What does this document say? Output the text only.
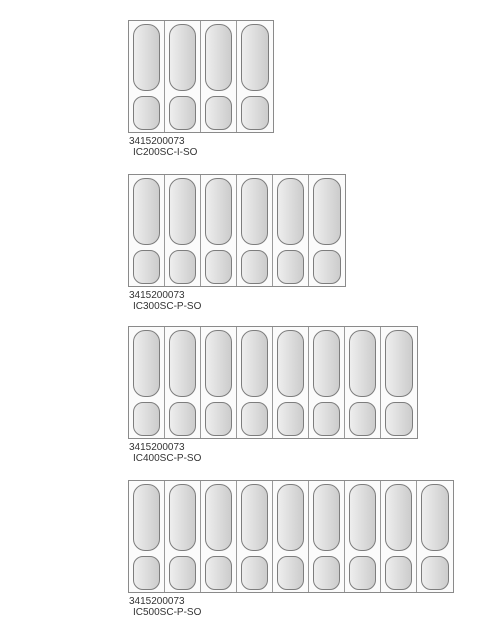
3415200073
IC200SC-I-SO
3415200073
IC300SC-P-SO
3415200073
IC400SC-P-SO
3415200073
IC500SC-P-SO
